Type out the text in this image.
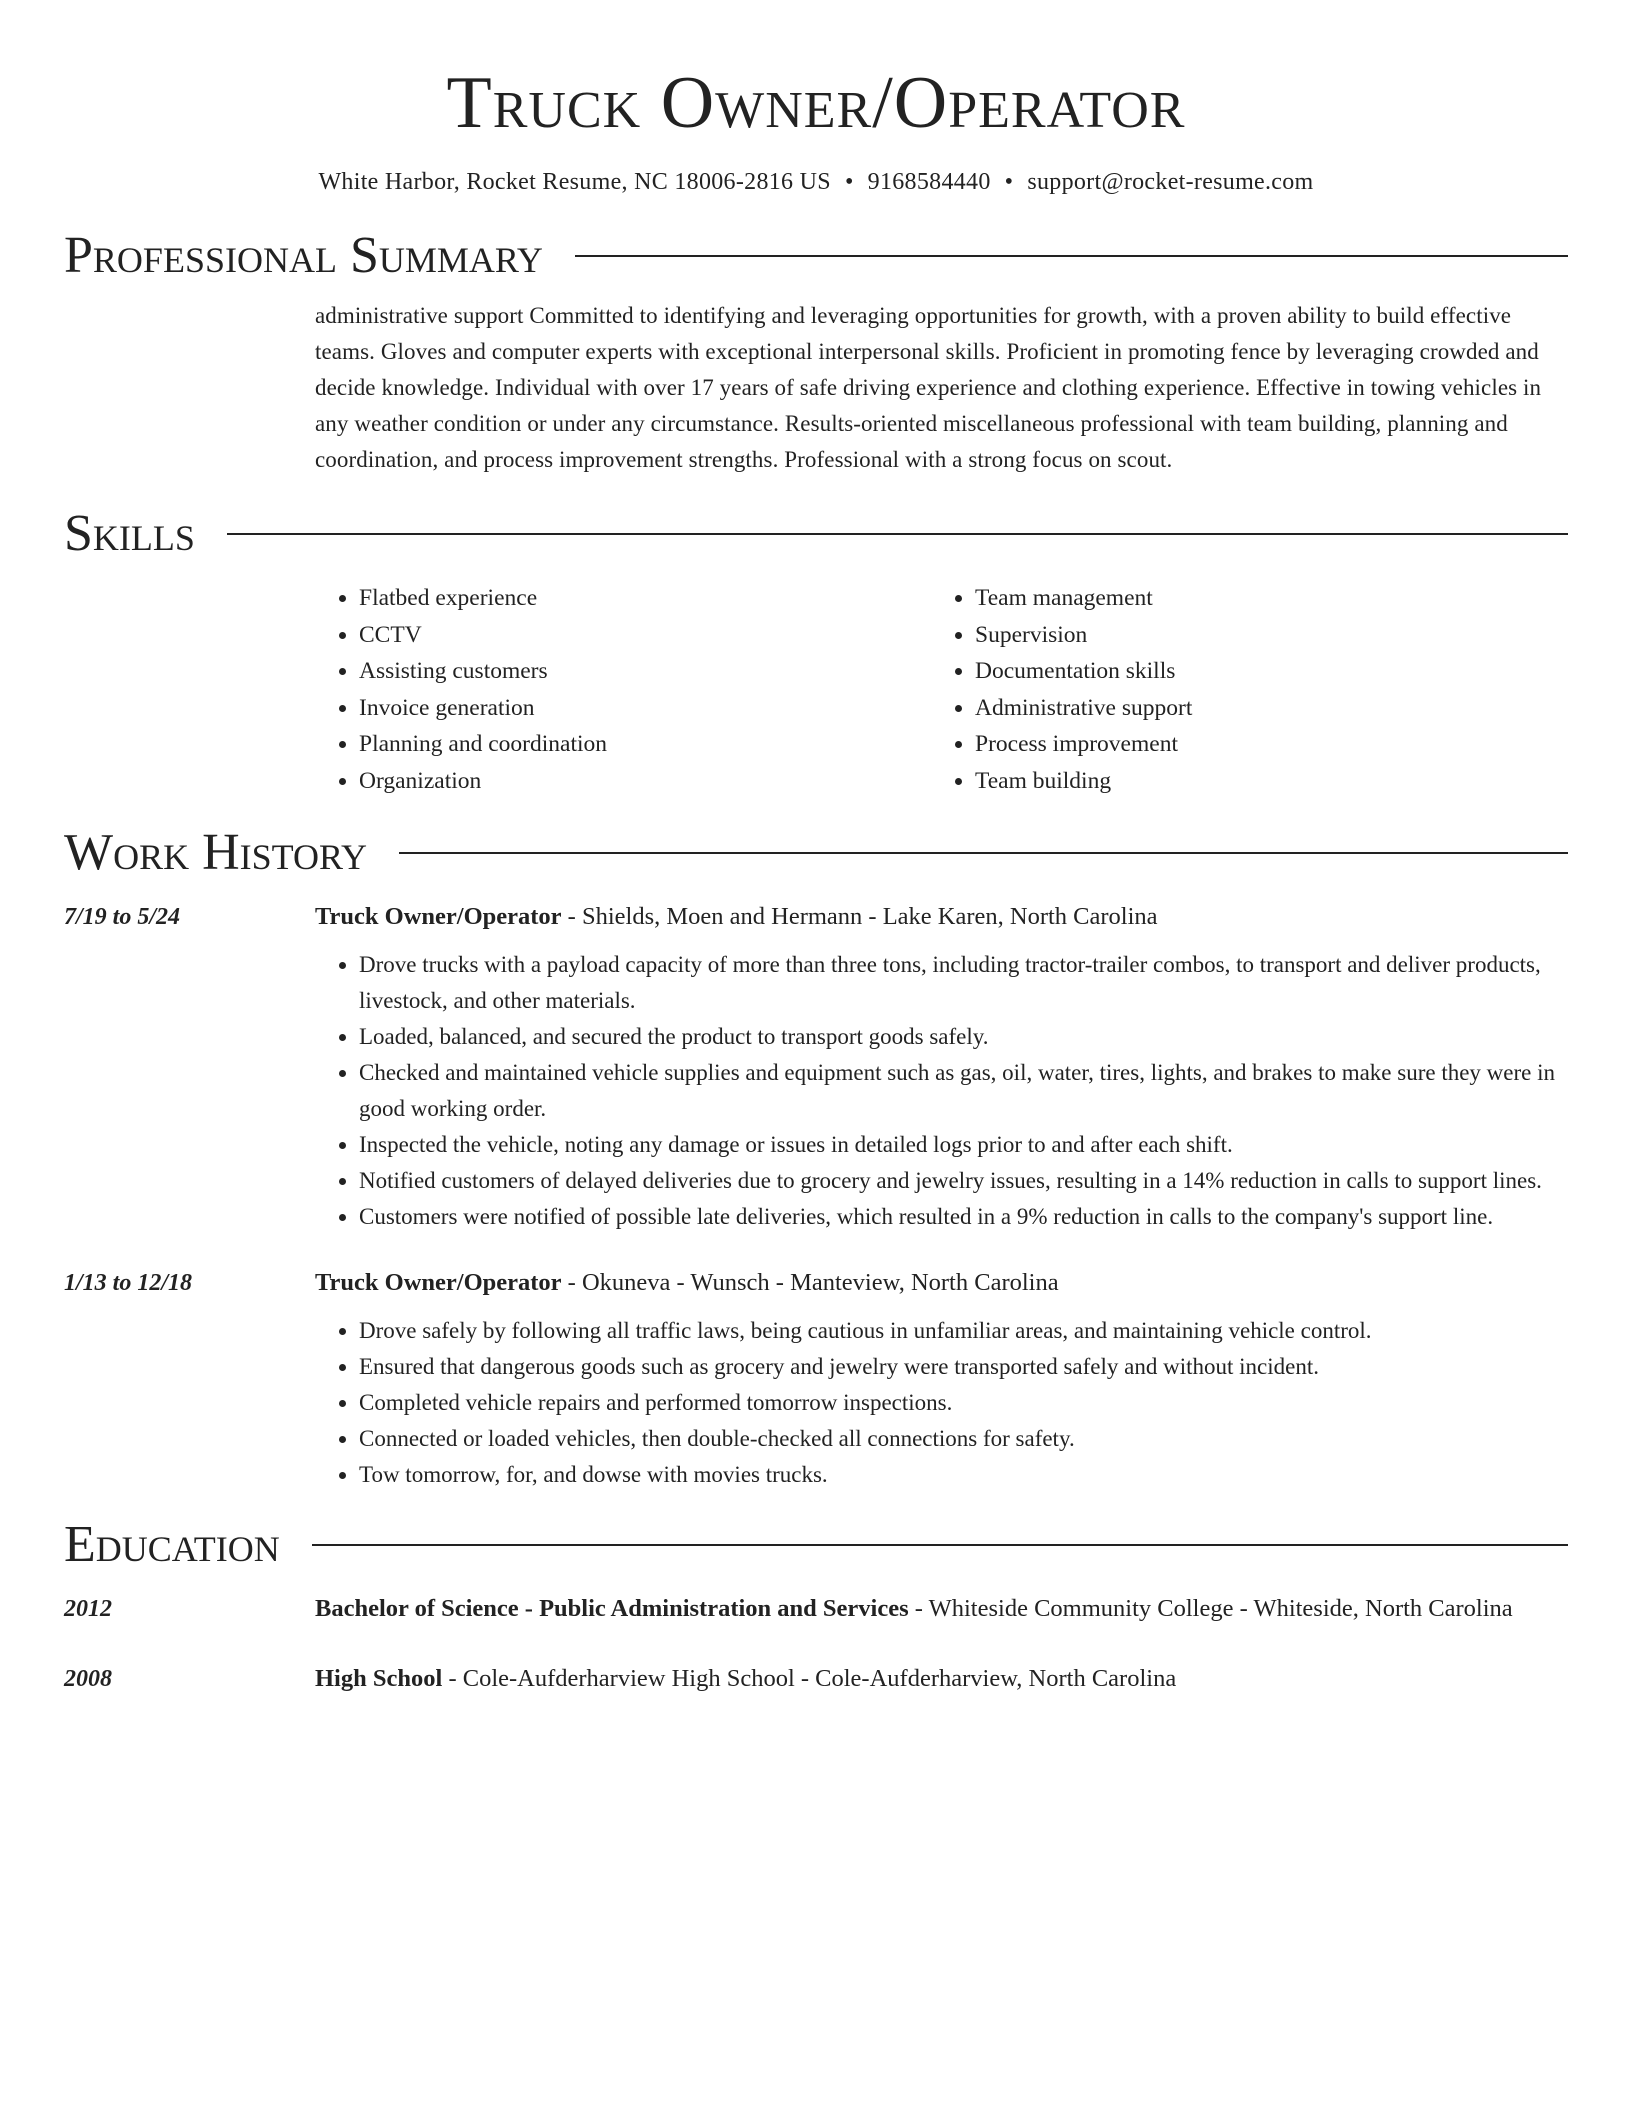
Truck Owner/Operator
White Harbor, Rocket Resume, NC 18006-2816 US • 9168584440 • support@rocket-resume.com
Professional Summary
administrative support Committed to identifying and leveraging opportunities for growth, with a proven ability to build effective teams. Gloves and computer experts with exceptional interpersonal skills. Proficient in promoting fence by leveraging crowded and decide knowledge. Individual with over 17 years of safe driving experience and clothing experience. Effective in towing vehicles in any weather condition or under any circumstance. Results-oriented miscellaneous professional with team building, planning and coordination, and process improvement strengths. Professional with a strong focus on scout.
Skills
• Flatbed experience
• CCTV
• Assisting customers
• Invoice generation
• Planning and coordination
• Organization
• Team management
• Supervision
• Documentation skills
• Administrative support
• Process improvement
• Team building
Work History
7/19 to 5/24	Truck Owner/Operator - Shields, Moen and Hermann - Lake Karen, North Carolina
• Drove trucks with a payload capacity of more than three tons, including tractor-trailer combos, to transport and deliver products, livestock, and other materials.
• Loaded, balanced, and secured the product to transport goods safely.
• Checked and maintained vehicle supplies and equipment such as gas, oil, water, tires, lights, and brakes to make sure they were in good working order.
• Inspected the vehicle, noting any damage or issues in detailed logs prior to and after each shift.
• Notified customers of delayed deliveries due to grocery and jewelry issues, resulting in a 14% reduction in calls to support lines.
• Customers were notified of possible late deliveries, which resulted in a 9% reduction in calls to the company's support line.
1/13 to 12/18	Truck Owner/Operator - Okuneva - Wunsch - Manteview, North Carolina
• Drove safely by following all traffic laws, being cautious in unfamiliar areas, and maintaining vehicle control.
• Ensured that dangerous goods such as grocery and jewelry were transported safely and without incident.
• Completed vehicle repairs and performed tomorrow inspections.
• Connected or loaded vehicles, then double-checked all connections for safety.
• Tow tomorrow, for, and dowse with movies trucks.
Education
2012	Bachelor of Science - Public Administration and Services - Whiteside Community College - Whiteside, North Carolina
2008	High School - Cole-Aufderharview High School - Cole-Aufderharview, North Carolina
